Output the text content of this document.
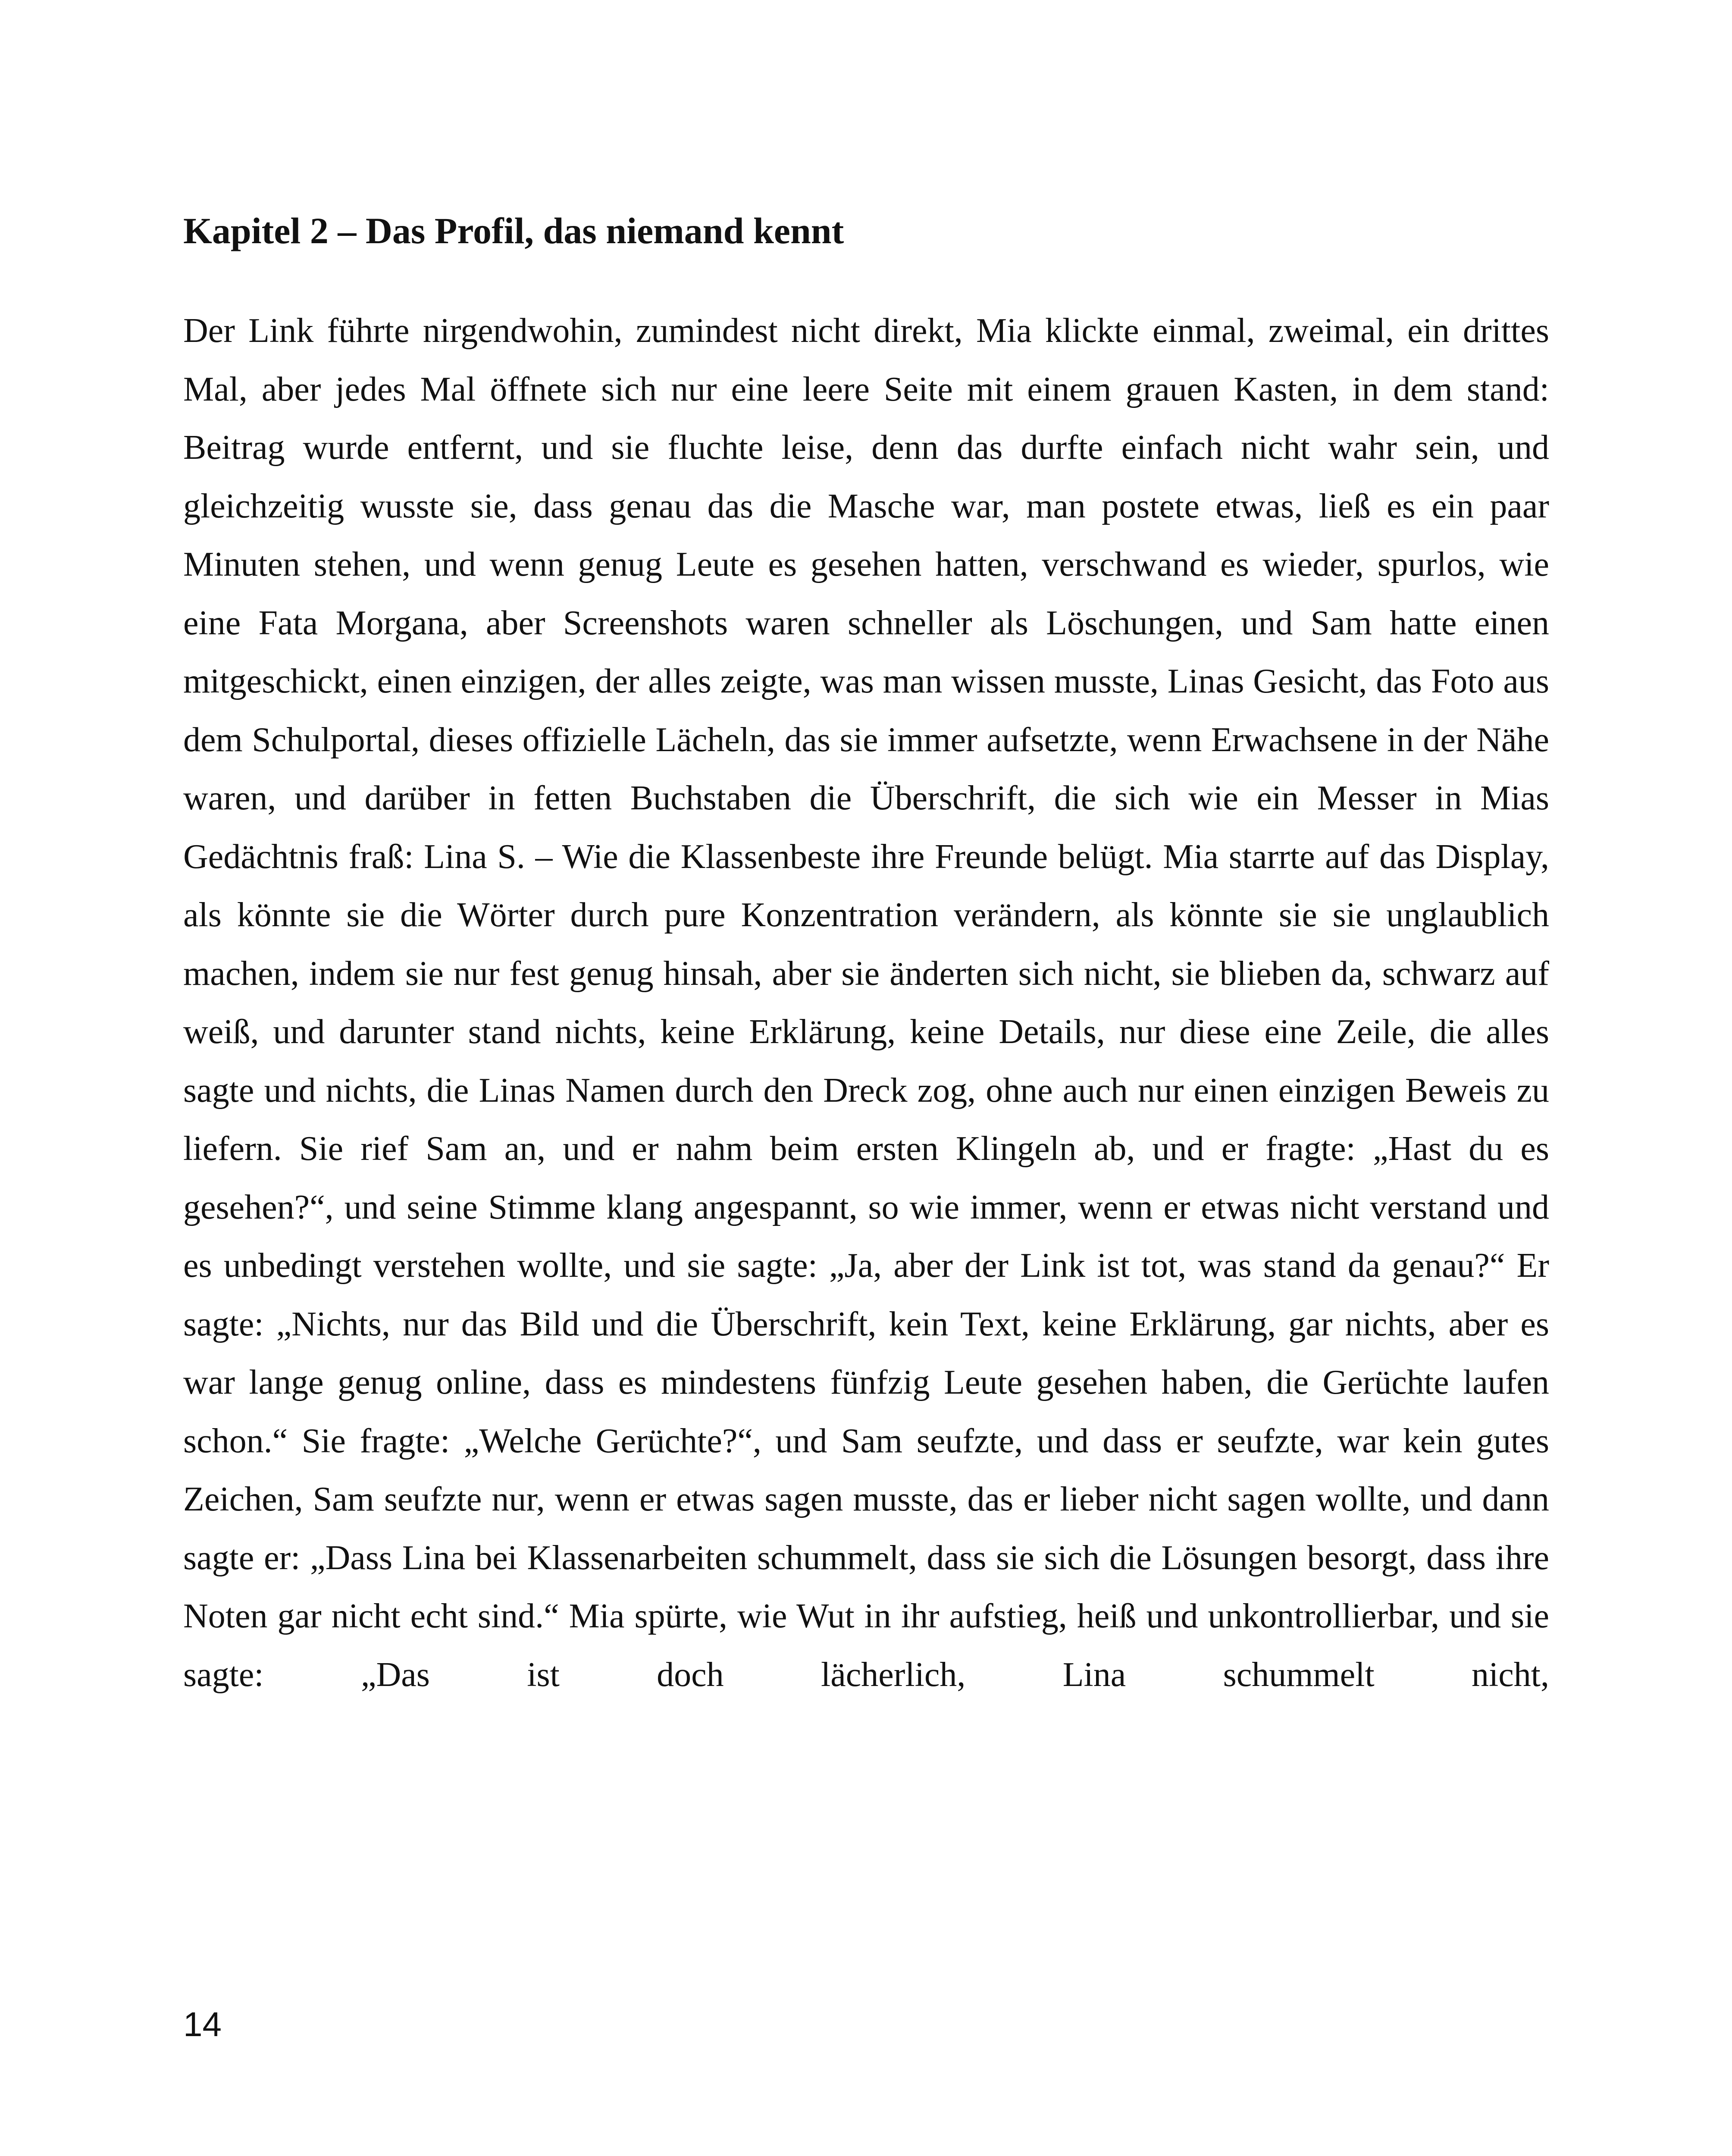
Kapitel 2 – Das Profil, das niemand kennt

Der Link führte nirgendwohin, zumindest nicht direkt, Mia klickte einmal, zweimal, ein drittes Mal, aber jedes Mal öffnete sich nur eine leere Seite mit einem grauen Kasten, in dem stand: Beitrag wurde entfernt, und sie fluchte leise, denn das durfte einfach nicht wahr sein, und gleichzeitig wusste sie, dass genau das die Masche war, man postete etwas, ließ es ein paar Minuten stehen, und wenn genug Leute es gesehen hatten, verschwand es wieder, spurlos, wie eine Fata Morgana, aber Screenshots waren schneller als Löschungen, und Sam hatte einen mitgeschickt, einen einzigen, der alles zeigte, was man wissen musste, Linas Gesicht, das Foto aus dem Schulportal, dieses offizielle Lächeln, das sie immer aufsetzte, wenn Erwachsene in der Nähe waren, und darüber in fetten Buchstaben die Überschrift, die sich wie ein Messer in Mias Gedächtnis fraß: Lina S. – Wie die Klassenbeste ihre Freunde belügt. Mia starrte auf das Display, als könnte sie die Wörter durch pure Konzentration verändern, als könnte sie sie unglaublich machen, indem sie nur fest genug hinsah, aber sie änderten sich nicht, sie blieben da, schwarz auf weiß, und darunter stand nichts, keine Erklärung, keine Details, nur diese eine Zeile, die alles sagte und nichts, die Linas Namen durch den Dreck zog, ohne auch nur einen einzigen Beweis zu liefern. Sie rief Sam an, und er nahm beim ersten Klingeln ab, und er fragte: „Hast du es gesehen?“, und seine Stimme klang angespannt, so wie immer, wenn er etwas nicht verstand und es unbedingt verstehen wollte, und sie sagte: „Ja, aber der Link ist tot, was stand da genau?“ Er sagte: „Nichts, nur das Bild und die Überschrift, kein Text, keine Erklärung, gar nichts, aber es war lange genug online, dass es mindestens fünfzig Leute gesehen haben, die Gerüchte laufen schon.“ Sie fragte: „Welche Gerüchte?“, und Sam seufzte, und dass er seufzte, war kein gutes Zeichen, Sam seufzte nur, wenn er etwas sagen musste, das er lieber nicht sagen wollte, und dann sagte er: „Dass Lina bei Klassenarbeiten schummelt, dass sie sich die Lösungen besorgt, dass ihre Noten gar nicht echt sind.“ Mia spürte, wie Wut in ihr aufstieg, heiß und unkontrollierbar, und sie sagte: „Das ist doch lächerlich, Lina schummelt nicht,

14
